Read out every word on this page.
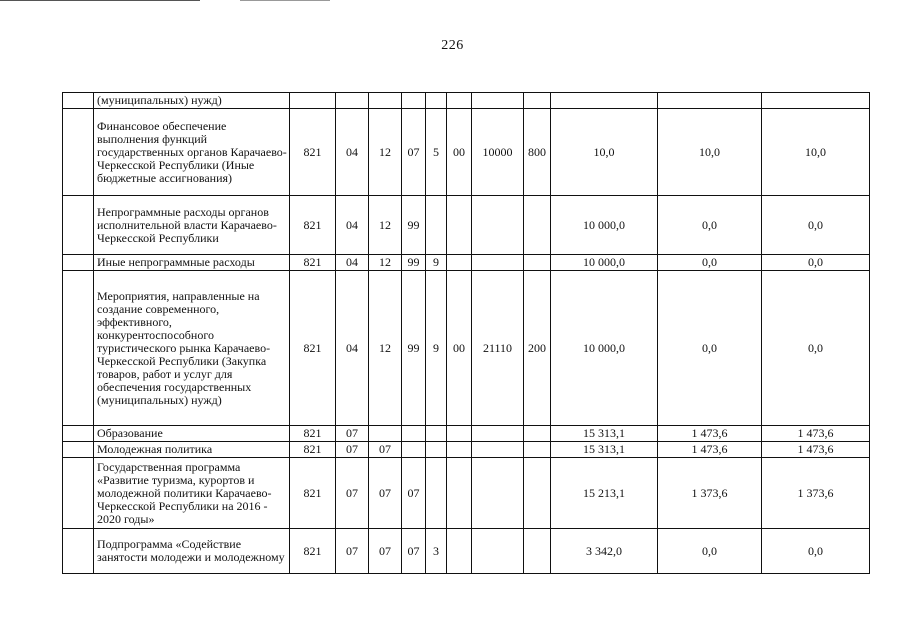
226
	(муниципальных) нужд)											
	Финансовое обеспечение выполнения функций государственных органов Карачаево-Черкесской Республики (Иные бюджетные ассигнования)	821	04	12	07	5	00	10000	800	10,0	10,0	10,0
	Непрограммные расходы органов исполнительной власти Карачаево-Черкесской Республики	821	04	12	99					10 000,0	0,0	0,0
	Иные непрограммные расходы	821	04	12	99	9				10 000,0	0,0	0,0
	Мероприятия, направленные на создание современного, эффективного, конкурентоспособного туристического рынка Карачаево-Черкесской Республики (Закупка товаров, работ и услуг для обеспечения государственных (муниципальных) нужд)	821	04	12	99	9	00	21110	200	10 000,0	0,0	0,0
	Образование	821	07							15 313,1	1 473,6	1 473,6
	Молодежная политика	821	07	07						15 313,1	1 473,6	1 473,6
	Государственная программа «Развитие туризма, курортов и молодежной политики Карачаево-Черкесской Республики на 2016 - 2020 годы»	821	07	07	07					15 213,1	1 373,6	1 373,6
	Подпрограмма «Содействие занятости молодежи и молодежному	821	07	07	07	3				3 342,0	0,0	0,0
